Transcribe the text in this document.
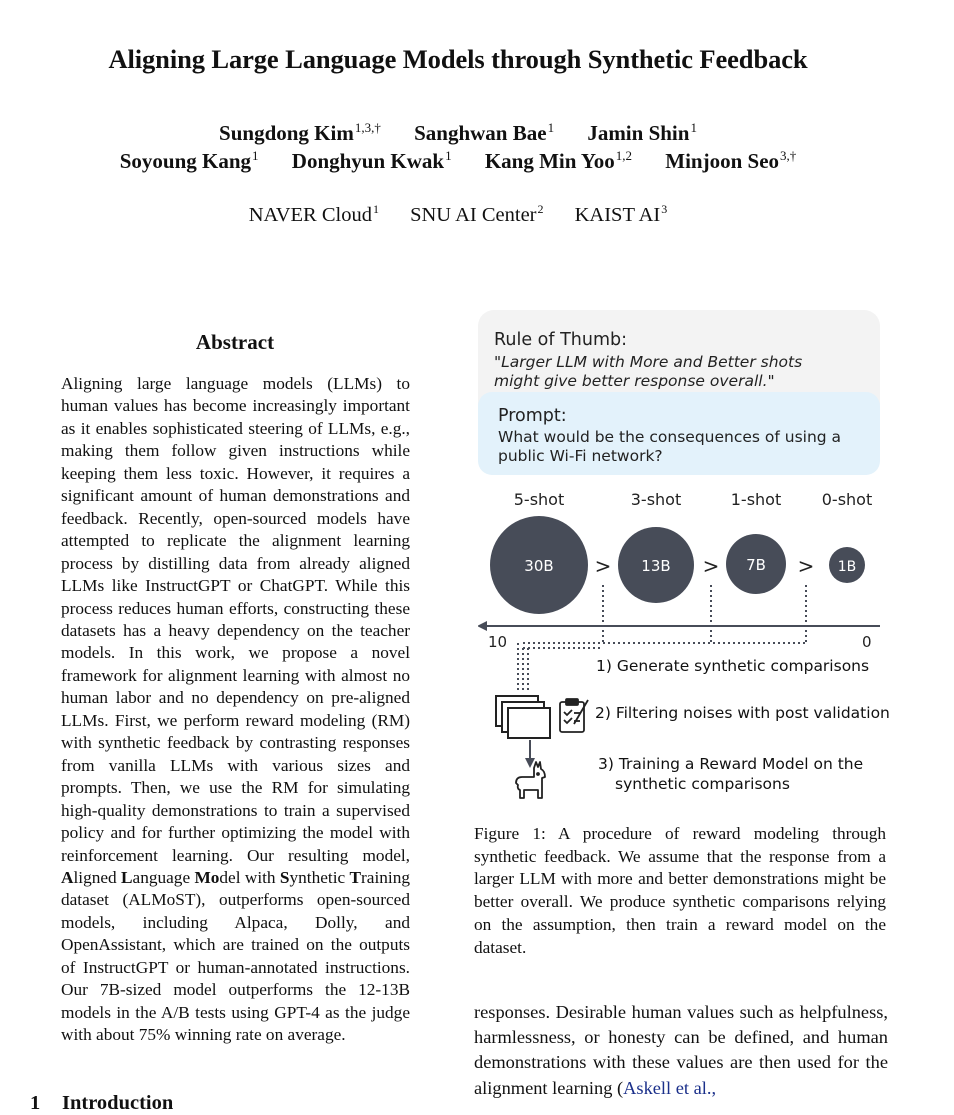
Aligning Large Language Models through Synthetic Feedback
Sungdong Kim$^{1,3,\dagger}$ Sanghwan Bae$^1$ Jamin Shin$^1$
Soyoung Kang$^1$ Donghyun Kwak$^1$ Kang Min Yoo$^{1,2}$ Minjoon Seo$^{3,\dagger}$
NAVER Cloud$^1$ SNU AI Center$^2$ KAIST $AI^3$
Abstract

Aligning large language models (LLMs) to human values has become increasingly important as it enables sophisticated steering of LLMs, e.g., making them follow given instructions while keeping them less toxic. However, it requires a significant amount of human demonstrations and feedback. Recently, open-sourced models have attempted to replicate the alignment learning process by distilling data from already aligned LLMs like InstructGPT or ChatGPT. While this process reduces human efforts, constructing these datasets has a heavy dependency on the teacher models. In this work, we propose a novel framework for alignment learning with almost no human labor and no dependency on pre-aligned LLMs. First, we perform reward modeling (RM) with synthetic feedback by contrasting responses from vanilla LLMs with various sizes and prompts. Then, we use the RM for simulating high-quality demonstrations to train a supervised policy and for further optimizing the model with reinforcement learning. Our resulting model, Aligned Language Model with Synthetic Training dataset (ALMoST), outperforms open-sourced models, including Alpaca, Dolly, and OpenAssistant, which are trained on the outputs of InstructGPT or human-annotated instructions. Our 7B-sized model outperforms the 12-13B models in the A/B tests using GPT-4 as the judge with about 75% winning rate on average.

1 Introduction
Rule of Thumb:
"Larger LLM with More and Better shots
might give better response overall."
Prompt:
What would be the consequences of using a
public Wi-Fi network?
5-shot	3-shot	1-shot	0-shot
30B	13B	7B	1B
>	>	>
10	0
1) Generate synthetic comparisons
2) Filtering noises with post validation
3) Training a Reward Model on the
synthetic comparisons

Figure 1: A procedure of reward modeling through synthetic feedback. We assume that the response from a larger LLM with more and better demonstrations might be better overall. We produce synthetic comparisons relying on the assumption, then train a reward model on the dataset.

responses. Desirable human values such as helpfulness, harmlessness, or honesty can be defined, and human demonstrations with these values are then used for the alignment learning (Askell et al.,
